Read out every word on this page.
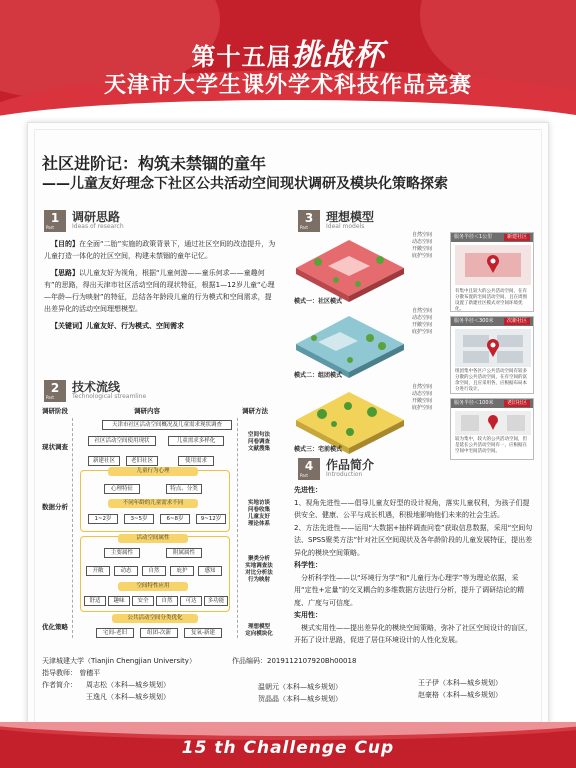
第十五届挑战杯
天津市大学生课外学术科技作品竞赛
社区进阶记：构筑未禁锢的童年
——儿童友好理念下社区公共活动空间现状调研及模块化策略探索
1
Part
调研思路
Ideas of research

【目的】在全面“二胎”实施的政策背景下，通过社区空间的改造提升，为儿童打造一体化的社区空间，构建未禁锢的童年记忆。

【思路】以儿童友好为视角，根据“儿童何游——童乐何求——童趣何有”的思路，得出天津市社区活动空间的现状特征，根据1—12岁儿童“心理—年龄—行为映射”的特征，总结各年龄段儿童的行为模式和空间需求，提出差异化的活动空间理想模型。

【关键词】儿童友好、行为模式、空间需求

2
Part
技术流线
Technological streamline
调研阶段	调研内容	调研方法
现状调查
数据分析
优化策略
天津市社区活动空间概况及儿童需求现状调查
社区活动空间使用现状	儿童需求多样化
新建社区	老旧社区	使用需求
儿童行为心理
心理特征	特点、分类
不同年龄的儿童需求不同
1~2岁	3~5岁	6~8岁	9~12岁
活动空间属性
主要属性	附属属性
开敞	动态	自然	庇护	感知
空间特性应用
舒适	趣味	安全	自然	可达	多功能
公共活动空间分类优化
宅间-老旧	组团-次新	复氧-新建
空间句法
问卷调查
文献搜集
实地访谈
问卷收集
儿童友好
理论体系
聚类分析
实地调查法
对比分析法
行为映射
理想模型
定向模块化
3
Part
理想模型
Ideal models
自然空间
动态空间
开敞空间
庇护空间
自然空间
动态空间
开敞空间
庇护空间
自然空间
动态空间
开敞空间
庇护空间
模式一：社区模式
模式二：组团模式
模式三：宅前模式
服务半径＜1公里	新建社区
有集中且较大的公共活动空间，在有分散布置的宅间活动空间，且在周围设置了新建社区模式对空间环境优化。
服务半径＜300米	次新社区
组团集中各区户公共活动空间有较多分散的公共活动空间，在有空间的富余空间，且应采用各，应根据布局本分进行设计。
服务半径＜100米	老旧社区
较为集中，较大的公共活动空间，但是延长公共活动空间有一，应根据在空间中宅间活动空间。
4
Part
作品简介
Introduction
先进性：
1、视角先进性——倡导儿童友好型的设计视角，落实儿童权利，为孩子们提供安全、健康、公平与成长机遇，积极地影响他们未来的社会生活。
2、方法先进性——运用“大数据+抽样调查问卷”获取信息数据，采用“空间句法、SPSS聚类方法”针对社区空间现状及各年龄阶段的儿童发展特征，提出差异化的模块空间策略。
科学性：
分析科学性——以“环境行为学”和“儿童行为心理学”等为理论依据，采用“定性+定量”的交叉耦合的多维数据方法进行分析，提升了调研结论的精度、广度与可信度。
实用性：
模式实用性——提出差异化的模块空间策略，弥补了社区空间设计的盲区，开拓了设计思路，促进了居住环境设计的人性化发展。
天津城建大学（Tianjin Chengjian University）	作品编码：2019112107920Bh00018
指导教师： 曾穗平
作者简介： 周志松（本科—城乡规划）	温朝元（本科—城乡规划）	王子伊（本科—城乡规划）
王逸凡（本科—城乡规划）	贺晶晶（本科—城乡规划）	赵豪格（本科—城乡规划）
15 th Challenge Cup
